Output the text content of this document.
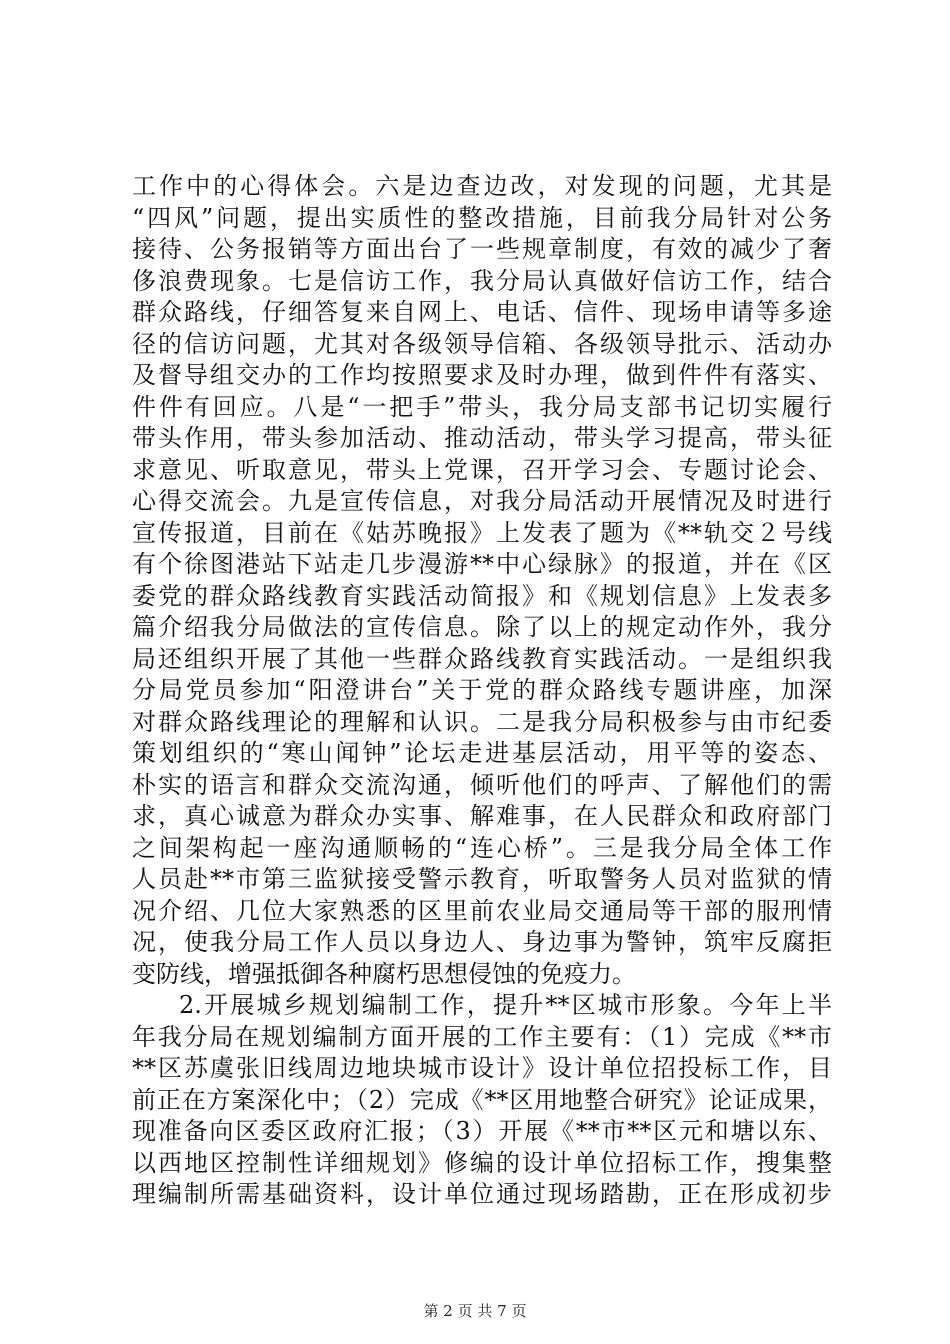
工作中的心得体会。六是边查边改，对发现的问题，尤其是
“四风”问题，提出实质性的整改措施，目前我分局针对公务
接待、公务报销等方面出台了一些规章制度，有效的减少了奢
侈浪费现象。七是信访工作，我分局认真做好信访工作，结合
群众路线，仔细答复来自网上、电话、信件、现场申请等多途
径的信访问题，尤其对各级领导信箱、各级领导批示、活动办
及督导组交办的工作均按照要求及时办理，做到件件有落实、
件件有回应。八是“一把手”带头，我分局支部书记切实履行
带头作用，带头参加活动、推动活动，带头学习提高，带头征
求意见、听取意见，带头上党课，召开学习会、专题讨论会、
心得交流会。九是宣传信息，对我分局活动开展情况及时进行
宣传报道，目前在《姑苏晚报》上发表了题为《**轨交２号线
有个徐图港站下站走几步漫游**中心绿脉》的报道，并在《区
委党的群众路线教育实践活动简报》和《规划信息》上发表多
篇介绍我分局做法的宣传信息。除了以上的规定动作外，我分
局还组织开展了其他一些群众路线教育实践活动。一是组织我
分局党员参加“阳澄讲台”关于党的群众路线专题讲座，加深
对群众路线理论的理解和认识。二是我分局积极参与由市纪委
策划组织的“寒山闻钟”论坛走进基层活动，用平等的姿态、
朴实的语言和群众交流沟通，倾听他们的呼声、了解他们的需
求，真心诚意为群众办实事、解难事，在人民群众和政府部门
之间架构起一座沟通顺畅的“连心桥”。三是我分局全体工作
人员赴**市第三监狱接受警示教育，听取警务人员对监狱的情
况介绍、几位大家熟悉的区里前农业局交通局等干部的服刑情
况，使我分局工作人员以身边人、身边事为警钟，筑牢反腐拒
变防线，增强抵御各种腐朽思想侵蚀的免疫力。
2.开展城乡规划编制工作，提升**区城市形象。今年上半
年我分局在规划编制方面开展的工作主要有：（1）完成《**市
**区苏虞张旧线周边地块城市设计》设计单位招投标工作，目
前正在方案深化中；（2）完成《**区用地整合研究》论证成果，
现准备向区委区政府汇报；（3）开展《**市**区元和塘以东、
以西地区控制性详细规划》修编的设计单位招标工作，搜集整
理编制所需基础资料，设计单位通过现场踏勘，正在形成初步
第 2 页 共 7 页
